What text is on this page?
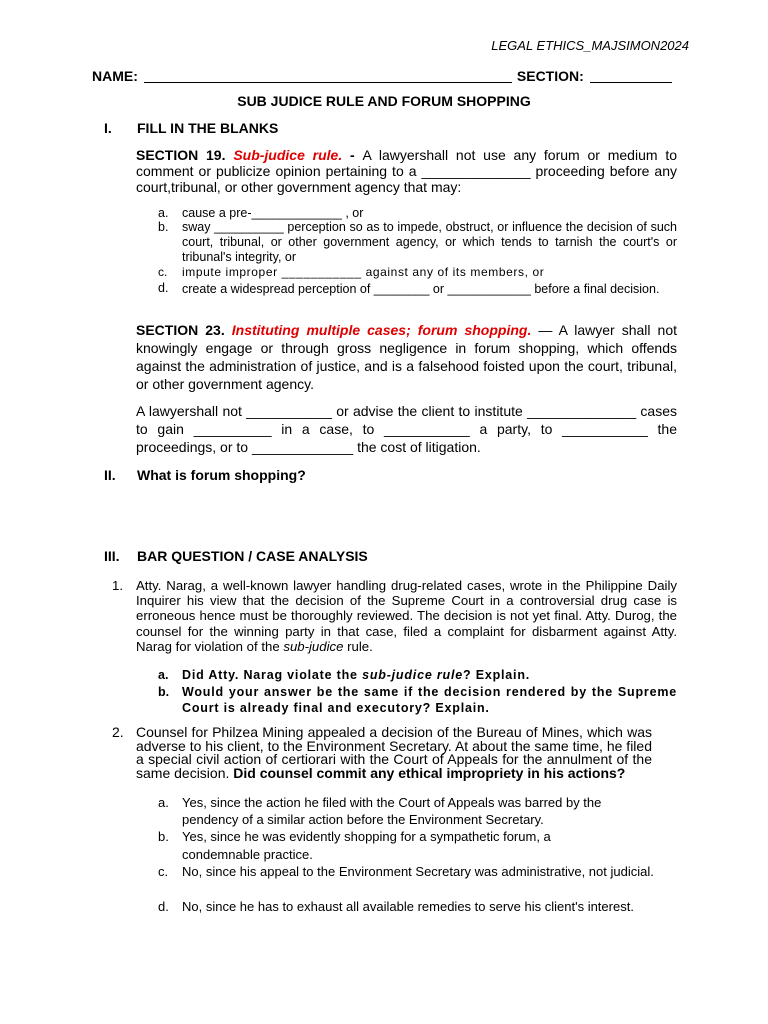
LEGAL ETHICS_MAJSIMON2024
NAME:	SECTION:
SUB JUDICE RULE AND FORUM SHOPPING
I. FILL IN THE BLANKS
SECTION 19. Sub-judice rule. - A lawyershall not use any forum or medium to comment or publicize opinion pertaining to a ______________ proceeding before any court,tribunal, or other government agency that may:
a.	cause a pre-_____________ , or
b.	sway __________ perception so as to impede, obstruct, or influence the decision of such court, tribunal, or other government agency, or which tends to tarnish the court's or tribunal's integrity, or
c.	impute improper ___________ against any of its members, or
d.	create a widespread perception of ________ or ____________ before a final decision.
SECTION 23. Instituting multiple cases; forum shopping. — A lawyer shall not knowingly engage or through gross negligence in forum shopping, which offends against the administration of justice, and is a falsehood foisted upon the court, tribunal, or other government agency.
A lawyershall not ___________ or advise the client to institute ______________ cases to gain __________ in a case, to ___________ a party, to ___________ the proceedings, or to _____________ the cost of litigation.
II. What is forum shopping?
III. BAR QUESTION / CASE ANALYSIS
1. Atty. Narag, a well-known lawyer handling drug-related cases, wrote in the Philippine Daily Inquirer his view that the decision of the Supreme Court in a controversial drug case is erroneous hence must be thoroughly reviewed. The decision is not yet final. Atty. Durog, the counsel for the winning party in that case, filed a complaint for disbarment against Atty. Narag for violation of the sub-judice rule.
a.	Did Atty. Narag violate the sub-judice rule? Explain.
b.	Would your answer be the same if the decision rendered by the Supreme Court is already final and executory? Explain.
2. Counsel for Philzea Mining appealed a decision of the Bureau of Mines, which was adverse to his client, to the Environment Secretary. At about the same time, he filed a special civil action of certiorari with the Court of Appeals for the annulment of the same decision. Did counsel commit any ethical impropriety in his actions?
a.	Yes, since the action he filed with the Court of Appeals was barred by the pendency of a similar action before the Environment Secretary.
b.	Yes, since he was evidently shopping for a sympathetic forum, a condemnable practice.
c.	No, since his appeal to the Environment Secretary was administrative, not judicial.
d.	No, since he has to exhaust all available remedies to serve his client's interest.
